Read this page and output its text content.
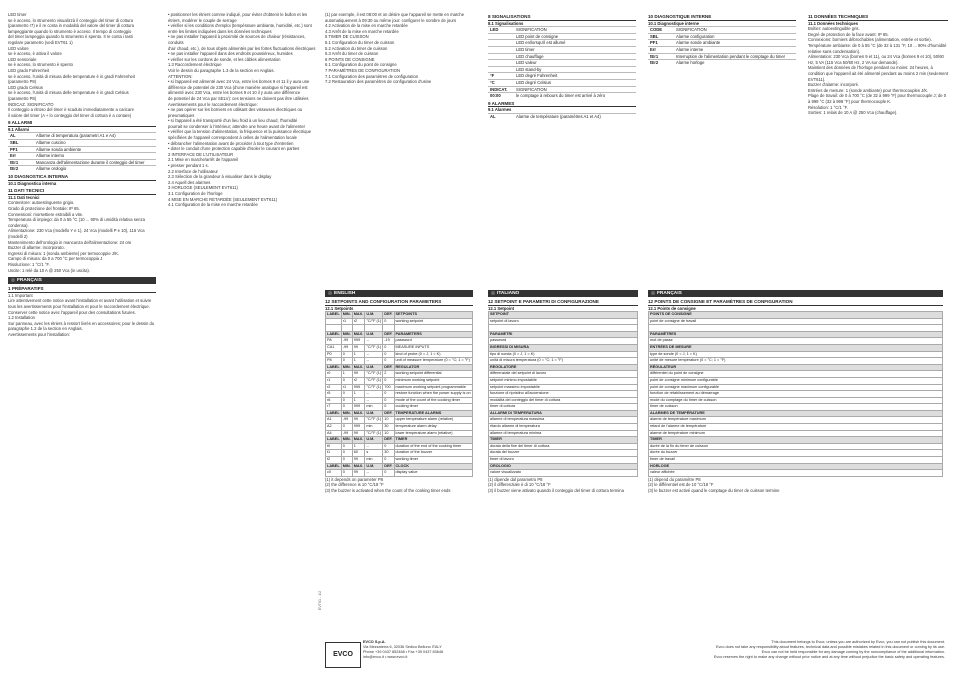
LED timer
se è acceso, lo strumento visualizzà il conteggio del timer di cottura
(parametro r7) e il re conta in modalità del valore del timer di cottura
lampeggiante quando lo strumento è acceso. Il tempo di conteggio
del timer lampeggia quando lo strumento è spento. Il re conta i tasti
regolare parametro (vedi EVT61 1)
LED valore
se è acceso, è attiva il valore
LED sensoriale
se è acceso, lo strumento è spento
LED grado Fahrenheit
se è acceso, l'unità di misura delle temperature è in gradi Fahrenheit
(parametro P8)
LED grado Celsius
se è acceso, l'unità di misura delle temperature è in gradi Celsius
(parametro P8)
INDICAZ. SIGNIFICATO
Il conteggio a ritroso del timer è scaduto immediatamente a caricare
il valore del timer (A + lo conteggio del timer di cottura è a contare)
9 ALLARMI
9.1 Allarmi
AL	Allarme di temperatura (parametri A1 e A4)
SBL	Allarme cuscino
PF1	Allarme sonda ambiente
Err	Allarme interno
tEr1	Mancanza dell'alimentazione durante il conteggio del timer
tEr2	Allarme orologio
10 DIAGNOSTICA INTERNA
10.1 Diagnostica interna
11 DATI TECNICI
11.1 Dati tecnici
Contenitore: autoestinguente grigio.
Grado di protezione del frontale: IP 65.
Connessioni: morsettiere estraibili a vite.
Temperatura di impiego: da 0 a 55 °C (10 ... 90% di umidità relativa senza condensa).
Alimentazione: 230 Vca (modello Y e 1), 24 Vca (modelli P e 10), 115 Vca (modelli 2)
Mantenimento dell'orologio in mancanza dell'alimentazione: 24 ore
Buzzer di allarme: incorporato.
Ingressi di misura: 1 (sonda ambiente) per termocoppie J/K.
Campo di misura: da 0 a 700 °C per termocoppia J
Risoluzione: 1 °C/1 °F.
Uscite: 1 relè da 10 A @ 250 Vca (in uscita).
FRANÇAIS
1 PRÉPARATIFS
1.1 Important
Lire attentivement cette notice avant l'installation et avant l'utilisation et suivre
tous les avertissements pour l'installation et pour le raccordement électrique.
Conserver cette notice avec l'appareil pour des consultations futures.
1.2 Installation
Sur panneau, avec les étriers à ressort livrés en accessoires; pour le dessin du
paragraphe 1.2 de la section en Anglais.
Avertissements pour l'installation:
• positionner les étriers comme indiqué, pour éviter d'obtenir le bullon et les
étriers, modérer le couple de serrage
• vérifier si les conditions d'emploi (température ambiante, humidité, etc.) sont
entre les limites indiquées dans les données techniques
• ne pas installer l'appareil à proximité de sources de chaleur (résistances, conduits
d'air chaud, etc.), de tous objets alimentés par les fortes fluctuations électriques
• ne pas installer l'appareil dans des endroits poussiéreux, humides
• vérifier sur les cordons de sonde, et les câbles alimentation
1.3 Raccordement électrique
Voir le dessin du paragraphe 1.3 de la section en Anglais.
ATTENTION:
• si l'appareil est alimenté avec 24 Vca, entre les bornes 9 et 11 il y aura une
différence de potentiel de 230 Vca (d'une manière analogue si l'appareil est
alimenté avec 230 Vca, entre les bornes 9 et 10 il y aura une différence
de potentiel de 24 Vca par SELV): ces tensions ne doivent pas être utilisées
Avertissements pour le raccordement électrique:
• ne pas opérer sur les borniers en utilisant des visseuses électriques ou
pneumatiques
• si l'appareil a été transporté d'un lieu froid à un lieu chaud, l'humidité
pourrait se condenser à l'intérieur; attendre une heure avant de l'alimenter
• vérifier que la tension d'alimentation, la fréquence et la puissance électrique
spécifiées de l'appareil correspondent à celles de l'alimentation locale
• débrancher l'alimentation avant de procéder à tout type d'entretien
• doter le conduit d'une protection capable d'isoler le courant en parties
2 INTERFACE DE L'UTILISATEUR
2.1 Mise en marche/arrêt de l'appareil
• presser pendant 1 s.
2.2 Interface de l'utilisateur
2.3 Sélection de la grandeur à visualiser dans le display
2.4 Aquell des alarmes
3 HORLOGE (SEULEMENT EVT611)
3.1 Configuration de l'horloge
4 MISE EN MARCHE RETARDÉE (SEULEMENT EVT611)
4.1 Configuration de la mise en marche retardée
(1) par exemple, il est 08:00 et on désire que l'appareil se mette en marche
automatiquement à 09:30 ou même jour: configurer le nombre de jours
4.2 Activation de la mise en marche retardée
4.3 Arrêt de la mise en marche retardée
5 TIMER DE CUISSON
5.1 Configuration du timer de cuisson
5.2 Activation du timer de cuisson
5.3 Arrêt du timer de cuisson
6 POINTS DE CONSIGNE
6.1 Configuration du point de consigne
7 PARAMÈTRES DE CONFIGURATION
7.1 Configuration des paramètres de configuration
7.2 Restauration des paramètres de configuration d'usine
8 SIGNALISATIONS
8.1 Signalisations
LED	SIGNIFICATION
LED point de consigne
LED en/lorsqu'il est allumé
LED timer
LED chauffage
LED valeur
LED stand-by
°F	LED degré Fahrenheit
°C	LED degré Celsius
INDICAT.	SIGNIFICATION
00:00	le comptage à rebours du timer est arrivé à zéro
9 ALARMES
9.1 Alarmes
AL	Alarme de température (paramètres A1 et A4)
10 DIAGNOSTIQUE INTERNE
10.1 Diagnostique interne
CODE	SIGNIFICATION
SBL	Alarme configuration
PF1	Alarme sonde ambiante
Err	Alarme interne
tEr1	Interruption de l'alimentation pendant le comptage du timer
tEr2	Alarme horloge
11 DONNÉES TECHNIQUES
11.1 Données techniques
Boîtier: autoextinguible gris.
Degré de protection de la face avant: IP 65.
Connexions: borniers débrochables (alimentation, entrée et sortie).
Température ambiante: de 0 à 55 °C (de 32 à 131 °F, 10 ... 90% d'humidité relative sans condensation).
Alimentation: 230 Vca (bornes 9 et 11), ou 24 Vca (bornes 9 et 10), 50/60 Hz, 5 VA (115 Vca 50/60 Hz, 2 VA sur demande).
Maintient des données de l'horloge pendant ou moins: 24 heures, à condition que l'appareil ait été alimenté pendant au moins 2 min (seulement EVT611).
Buzzer d'alarme: incorporé.
Entrées de mesure: 1 (sonde ambiante) pour thermocouples J/K.
Plage de travail: de 0 à 700 °C (de 32 à 999 °F) pour thermocouple J; de 0 à 999 °C (32 à 999 °F) pour thermocouple K.
Résolution: 1 °C/1 °F.
Sorties: 1 relais de 10 A @ 250 Vca (chauffage).
ENGLISH
12 SETPOINTS AND CONFIGURATION PARAMETERS
12.1 Setpoints
LABEL	MIN.	MAX.	U.M.	DEF.	SETPOINTS
	r1	r2	°C/°F (1)	0	working setpoint

LABEL	MIN.	MAX.	U.M.	DEF.	PARAMETERS
PA	-99	999	--	-19	password
CA1	-99	99	°C/°F (1)	0	MEASURE INPUTS
P0	0	1	--	0	kind of probe (0 = J, 1 = K)
P8	0	1	--	0	unit of measure temperature (0 = °C; 1 = °F)
LABEL	MIN.	MAX.	U.M.	DEF.	REGULATOR
r0	1	99	°C/°F (1)	2	working setpoint differential
r1	0	r2	°C/°F (1)	0	minimum working setpoint
r2	r1	999	°C/°F (1)	700	maximum working setpoint programmable
r5	0	1	--	0	restore function when the power supply is on
r6	0	1	--	0	mode of the count of the cooking timer
r7	0	999	min	0	cooking timer
LABEL	MIN.	MAX.	U.M.	DEF.	TEMPERATURE ALARMS
A1	-99	99	°C/°F (1)	10	upper temperature alarm (relative)
A2	0	999	min	30	temperature alarm delay
A4	-99	99	°C/°F (1)	10	lower temperature alarm (relative)
LABEL	MIN.	MAX.	U.M.	DEF.	TIMER
t0	0	1	--	0	duration of the end of the cooking timer
t1	0	60	s	30	duration of the buzzer
t2	0	99	min	0	working timer
LABEL	MIN.	MAX.	U.M.	DEF.	CLOCK
c0	0	99	--	0	display value
(1) it depends on parameter P8
(2) the difference is 10 °C/18 °F
(3) the buzzer is activated when the count of the cooking timer ends
ITALIANO
12 SETPOINT E PARAMETRI DI CONFIGURAZIONE
12.1 Setpoint
SETPOINT
setpoint di lavoro

PARAMETRI
password
INGRESSI DI MISURA
tipo di sonda (0 = J, 1 = K)
unità di misura temperatura (0 = °C; 1 = °F)
REGOLATORE
differenziale del setpoint di lavoro
setpoint minimo impostabile
setpoint massimo impostabile
funzione di ripristino all'accensione
modalità del conteggio del timer di cottura
timer di cottura
ALLARMI DI TEMPERATURA
allarme di temperatura massima
ritardo allarme di temperatura
allarme di temperatura minima
TIMER
durata della fine del timer di cottura
durata del buzzer
timer di lavoro
OROLOGIO
valore visualizzato
(1) dipende dal parametro P8
(2) il differenziale è di 10 °C/18 °F
(3) il buzzer viene attivato quando il conteggio del timer di cottura termina
FRANÇAIS
12 POINTS DE CONSIGNE ET PARAMÈTRES DE CONFIGURATION
12.1 Points de consigne
POINTS DE CONSIGNE
point de consigne de travail

PARAMÈTRES
mot de passe
ENTRÉES DE MESURE
type de sonde (0 = J, 1 = K)
unité de mesure température (0 = °C; 1 = °F)
RÉGULATEUR
différentiel du point de consigne
point de consigne minimum configurable
point de consigne maximum configurable
fonction de rétablissement au démarrage
mode du comptage du timer de cuisson
timer de cuisson
ALARMES DE TEMPÉRATURE
alarme de température maximum
retard de l'alarme de température
alarme de température minimum
TIMER
durée de la fin du timer de cuisson
durée du buzzer
timer de travail
HORLOGE
valeur affichée
(1) dépend du paramètre P8
(2) le différentiel est de 10 °C/18 °F
(3) le buzzer est activé quand le comptage du timer de cuisson termine
EVT61 - 1/2
EVCO
EVCO S.p.A.
Via Mezzaterra 6, 32036 Sedico Belluno ITALY
Phone +39 0437 852468 • Fax +39 0437 83648
info@evco.it • www.evco.it
This document belongs to Evco; unless you are authorized by Evco, you can not publish this document.
Evco does not take any responsibility about features, technical data and possible mistakes related in this document or coming by its use.
Evco can not be held responsible for any damage coming by the noncompliance of the additional information.
Evco reserves the right to make any change without prior notice and at any time without prejudice the basic safety and operating features.
